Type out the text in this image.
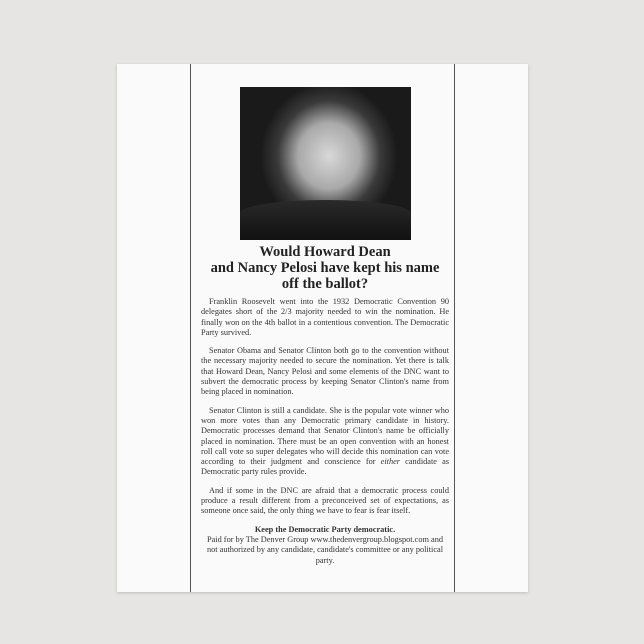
Would Howard Dean
and Nancy Pelosi have kept his name
off the ballot?

Franklin Roosevelt went into the 1932 Democratic Convention 90 delegates short of the 2/3 majority needed to win the nomination. He finally won on the 4th ballot in a contentious convention. The Democratic Party survived.

Senator Obama and Senator Clinton both go to the convention without the necessary majority needed to secure the nomination. Yet there is talk that Howard Dean, Nancy Pelosi and some elements of the DNC want to subvert the democratic process by keeping Senator Clinton's name from being placed in nomination.

Senator Clinton is still a candidate. She is the popular vote winner who won more votes than any Democratic primary candidate in history. Democratic processes demand that Senator Clinton's name be officially placed in nomination. There must be an open convention with an honest roll call vote so super delegates who will decide this nomination can vote according to their judgment and conscience for either candidate as Democratic party rules provide.

And if some in the DNC are afraid that a democratic process could produce a result different from a preconceived set of expectations, as someone once said, the only thing we have to fear is fear itself.

Keep the Democratic Party democratic.
Paid for by The Denver Group www.thedenvergroup.blogspot.com and not authorized by any candidate, candidate's committee or any political party.
